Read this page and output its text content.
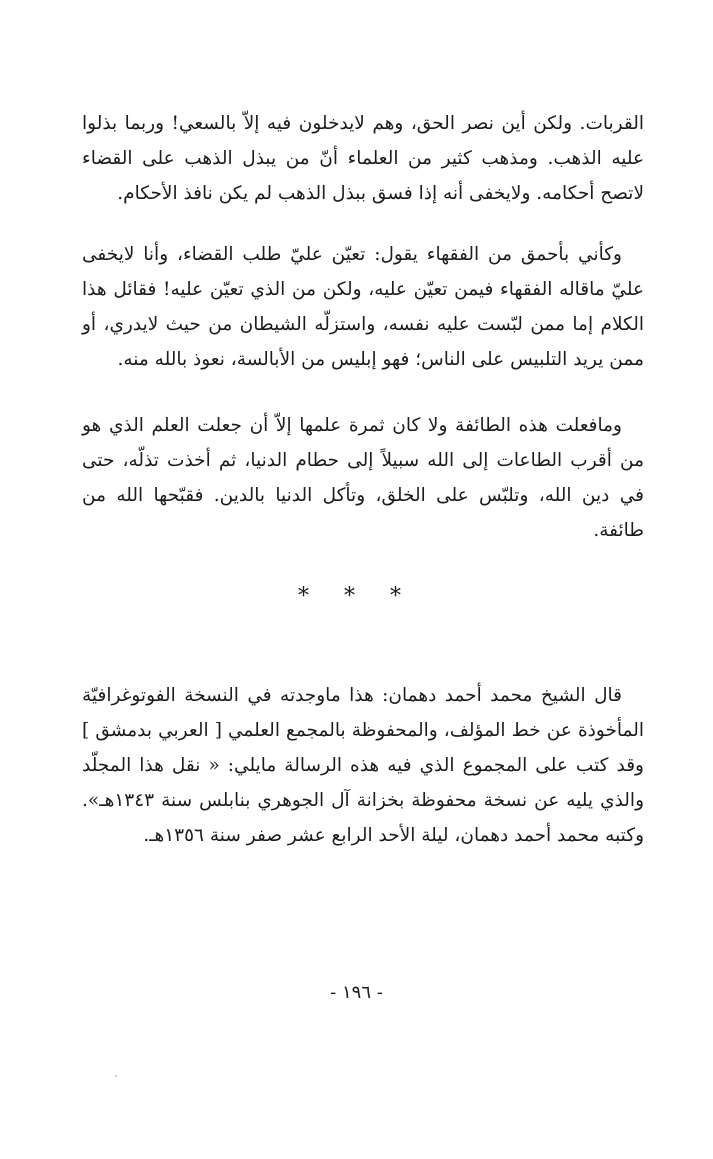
القربات. ولكن أين نصر الحق، وهم لايدخلون فيه إلاّ بالسعي! وربما بذلوا عليه الذهب. ومذهب كثير من العلماء أنّ من يبذل الذهب على القضاء لاتصح أحكامه. ولايخفى أنه إذا فسق ببذل الذهب لم يكن نافذ الأحكام.

وكأني بأحمق من الفقهاء يقول: تعيّن عليّ طلب القضاء، وأنا لايخفى عليّ ماقاله الفقهاء فيمن تعيّن عليه، ولكن من الذي تعيّن عليه! فقائل هذا الكلام إما ممن لبّست عليه نفسه، واستزلّه الشيطان من حيث لايدري، أو ممن يريد التلبيس على الناس؛ فهو إبليس من الأبالسة، نعوذ بالله منه.

ومافعلت هذه الطائفة ولا كان ثمرة علمها إلاّ أن جعلت العلم الذي هو من أقرب الطاعات إلى الله سبيلاً إلى حطام الدنيا، ثم أخذت تذلّه، حتى في دين الله، وتلبّس على الخلق، وتأكل الدنيا بالدين. فقبّحها الله من طائفة.

* * *

قال الشيخ محمد أحمد دهمان: هذا ماوجدته في النسخة الفوتوغرافيّة المأخوذة عن خط المؤلف، والمحفوظة بالمجمع العلمي [ العربي بدمشق ] وقد كتب على المجموع الذي فيه هذه الرسالة مايلي: « نقل هذا المجلّد والذي يليه عن نسخة محفوظة بخزانة آل الجوهري بنابلس سنة ١٣٤٣هـ». وكتبه محمد أحمد دهمان، ليلة الأحد الرابع عشر صفر سنة ١٣٥٦هـ.

- ١٩٦ -
